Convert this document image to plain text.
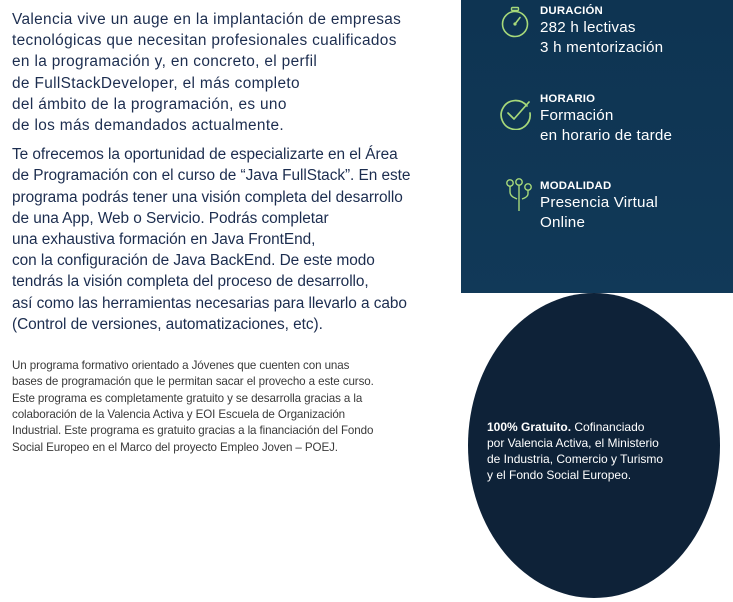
Valencia vive un auge en la implantación de empresas
tecnológicas que necesitan profesionales cualificados
en la programación y, en concreto, el perfil
de FullStackDeveloper, el más completo
del ámbito de la programación, es uno
de los más demandados actualmente.

Te ofrecemos la oportunidad de especializarte en el Área
de Programación con el curso de “Java FullStack”. En este
programa podrás tener una visión completa del desarrollo
de una App, Web o Servicio. Podrás completar
una exhaustiva formación en Java FrontEnd,
con la configuración de Java BackEnd. De este modo
tendrás la visión completa del proceso de desarrollo,
así como las herramientas necesarias para llevarlo a cabo
(Control de versiones, automatizaciones, etc).

Un programa formativo orientado a Jóvenes que cuenten con unas
bases de programación que le permitan sacar el provecho a este curso.
Este programa es completamente gratuito y se desarrolla gracias a la
colaboración de la Valencia Activa y EOI Escuela de Organización
Industrial. Este programa es gratuito gracias a la financiación del Fondo
Social Europeo en el Marco del proyecto Empleo Joven – POEJ.

DURACIÓN
282 h lectivas
3 h mentorización
HORARIO
Formación
en horario de tarde
MODALIDAD
Presencia Virtual
Online
100% Gratuito. Cofinanciado
por Valencia Activa, el Ministerio
de Industria, Comercio y Turismo
y el Fondo Social Europeo.
